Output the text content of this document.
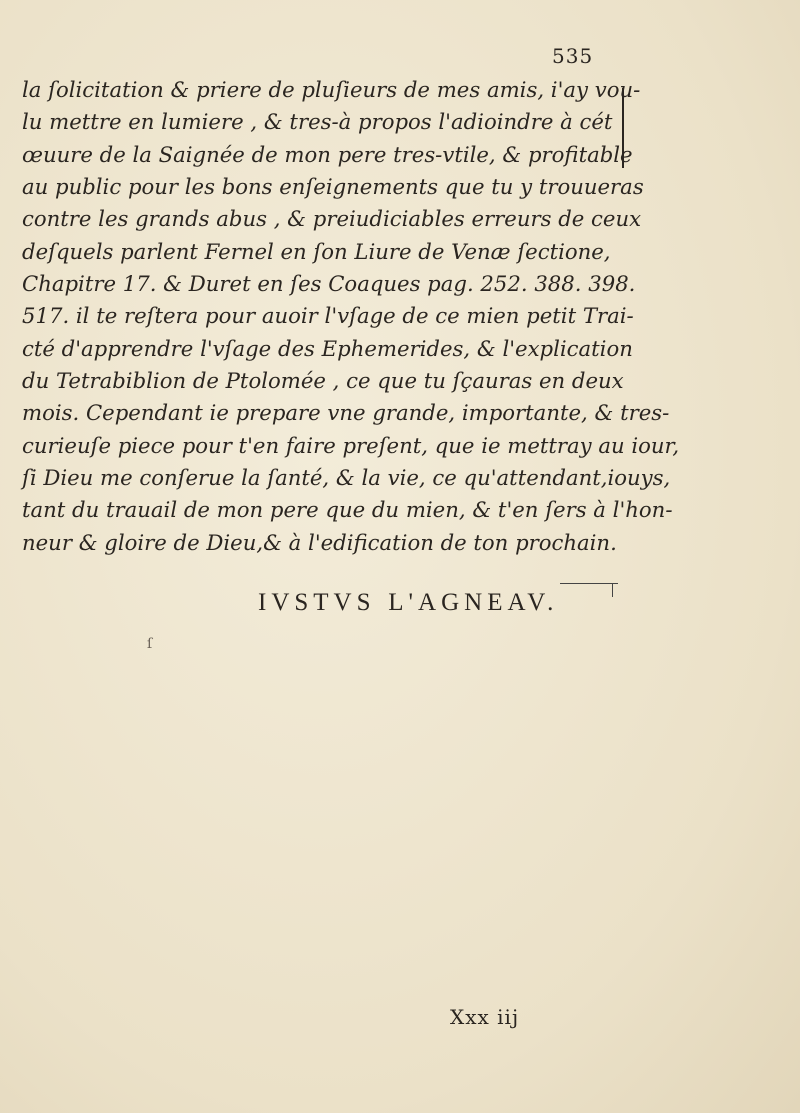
535
la ſolicitation & priere de pluſieurs de mes amis, i'ay vou-
lu mettre en lumiere , & tres-à propos l'adioindre à cét
œuure de la Saignée de mon pere tres-vtile, & profitable
au public pour les bons enſeignements que tu y trouueras
contre les grands abus , & preiudiciables erreurs de ceux
deſquels parlent Fernel en ſon Liure de Venæ ſectione,
Chapitre 17. & Duret en ſes Coaques pag. 252. 388. 398.
517. il te reſtera pour auoir l'vſage de ce mien petit Trai-
cté d'apprendre l'vſage des Ephemerides, & l'explication
du Tetrabiblion de Ptolomée , ce que tu ſçauras en deux
mois. Cependant ie prepare vne grande, importante, & tres-
curieuſe piece pour t'en faire preſent, que ie mettray au iour,
ſi Dieu me conſerue la ſanté, & la vie, ce qu'attendant,iouys,
tant du trauail de mon pere que du mien, & t'en ſers à l'hon-
neur & gloire de Dieu,& à l'edification de ton prochain.
IVSTVS L'AGNEAV.
ſ
Xxx iij
